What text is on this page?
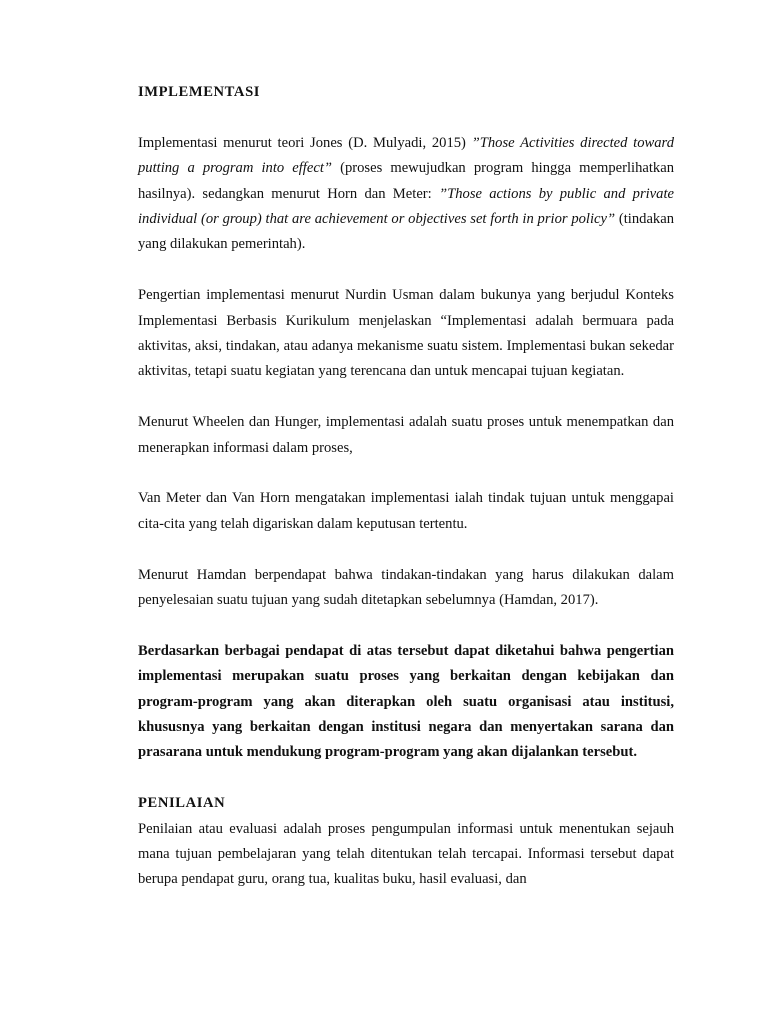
IMPLEMENTASI

Implementasi menurut teori Jones (D. Mulyadi, 2015) ”Those Activities directed toward putting a program into effect” (proses mewujudkan program hingga memperlihatkan hasilnya). sedangkan menurut Horn dan Meter: ”Those actions by public and private individual (or group) that are achievement or objectives set forth in prior policy” (tindakan yang dilakukan pemerintah).

Pengertian implementasi menurut Nurdin Usman dalam bukunya yang berjudul Konteks Implementasi Berbasis Kurikulum menjelaskan “Implementasi adalah bermuara pada aktivitas, aksi, tindakan, atau adanya mekanisme suatu sistem. Implementasi bukan sekedar aktivitas, tetapi suatu kegiatan yang terencana dan untuk mencapai tujuan kegiatan.

Menurut Wheelen dan Hunger, implementasi adalah suatu proses untuk menempatkan dan menerapkan informasi dalam proses,

Van Meter dan Van Horn mengatakan implementasi ialah tindak tujuan untuk menggapai cita-cita yang telah digariskan dalam keputusan tertentu.

Menurut Hamdan berpendapat bahwa tindakan-tindakan yang harus dilakukan dalam penyelesaian suatu tujuan yang sudah ditetapkan sebelumnya (Hamdan, 2017).

Berdasarkan berbagai pendapat di atas tersebut dapat diketahui bahwa pengertian implementasi merupakan suatu proses yang berkaitan dengan kebijakan dan program-program yang akan diterapkan oleh suatu organisasi atau institusi, khususnya yang berkaitan dengan institusi negara dan menyertakan sarana dan prasarana untuk mendukung program-program yang akan dijalankan tersebut.

PENILAIAN

Penilaian atau evaluasi adalah proses pengumpulan informasi untuk menentukan sejauh mana tujuan pembelajaran yang telah ditentukan telah tercapai. Informasi tersebut dapat berupa pendapat guru, orang tua, kualitas buku, hasil evaluasi, dan
